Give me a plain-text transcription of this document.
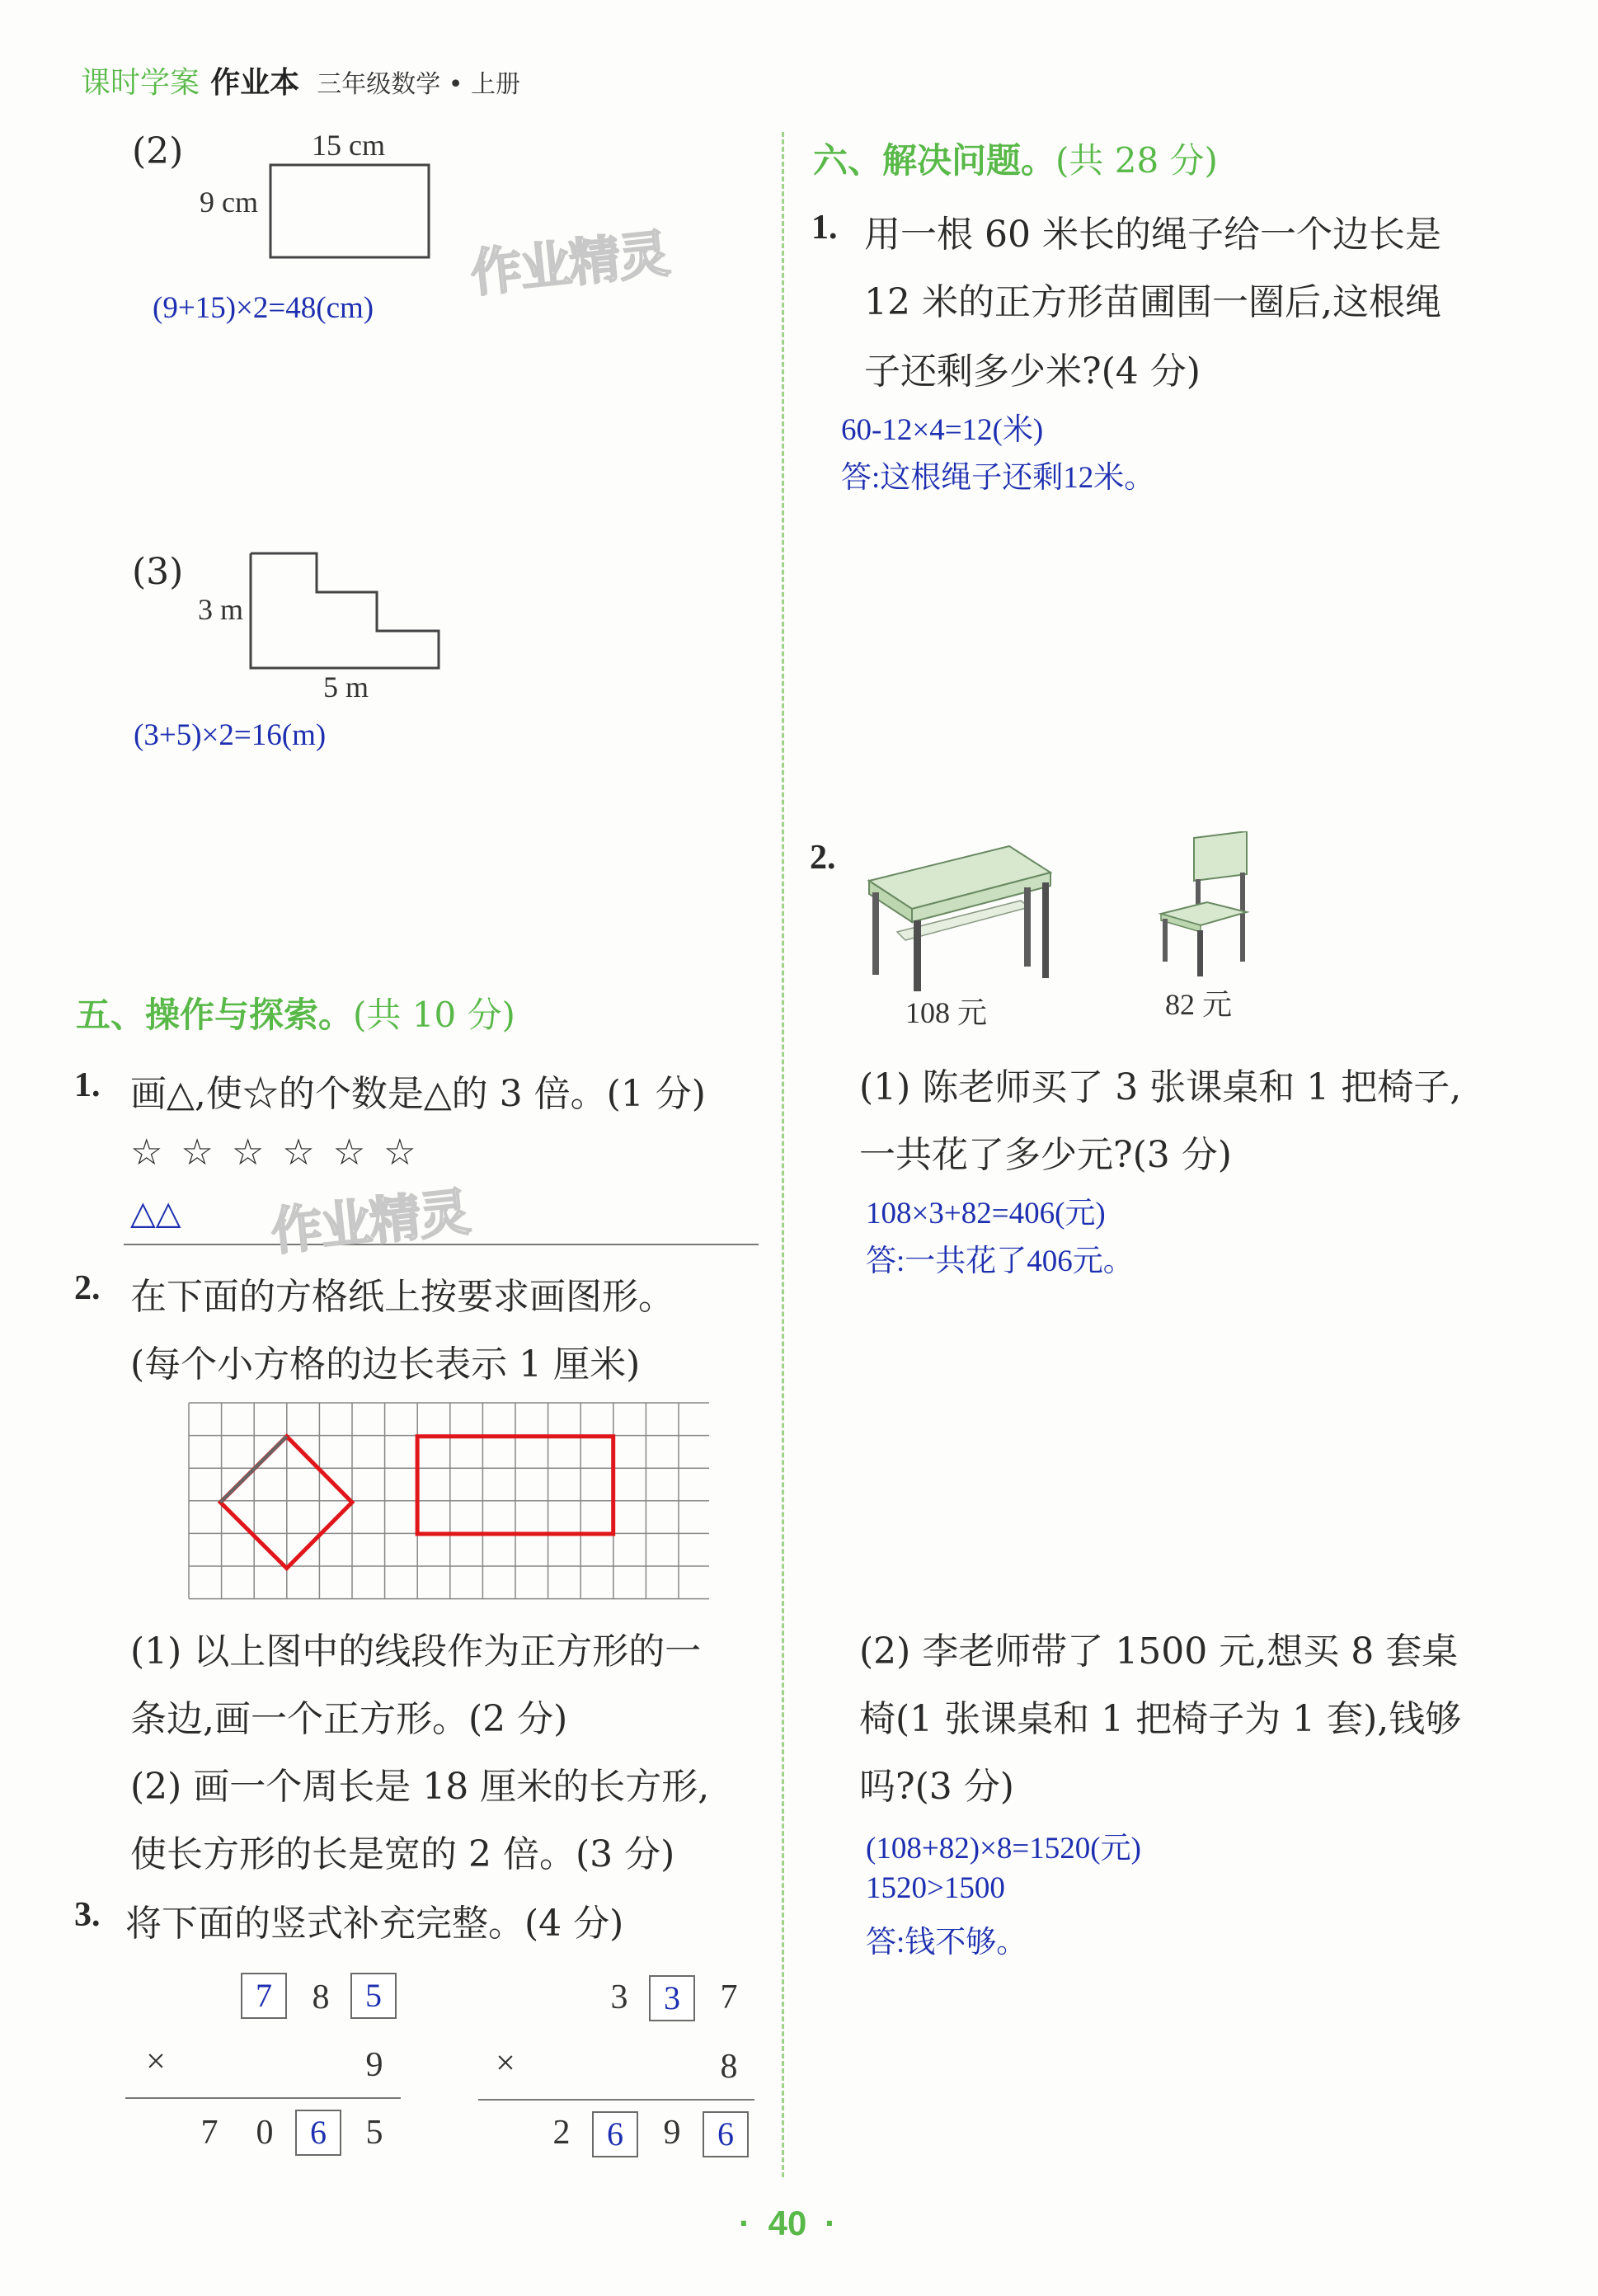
课时学案 作业本 三年级数学 • 上册
(2)	15 cm
9 cm
(9+15)×2=48(cm)
作业精灵
(3)
3 m
5 m
(3+5)×2=16(m)
五、操作与探索。(共 10 分)
1. 画△,使☆的个数是△的 3 倍。(1 分)
☆ ☆ ☆ ☆ ☆ ☆
△△ 作业精灵
2. 在下面的方格纸上按要求画图形。
(每个小方格的边长表示 1 厘米)
(1) 以上图中的线段作为正方形的一
条边,画一个正方形。(2 分)
(2) 画一个周长是 18 厘米的长方形,
使长方形的长是宽的 2 倍。(3 分)
3. 将下面的竖式补充完整。(4 分)
7	8	5
×	9
7	0	6	5
3	3	7
×	8
2	6	9	6
六、解决问题。(共 28 分)
1. 用一根 60 米长的绳子给一个边长是
12 米的正方形苗圃围一圈后,这根绳
子还剩多少米?(4 分)
60-12×4=12(米)
答:这根绳子还剩12米。
2.
108 元	82 元
(1) 陈老师买了 3 张课桌和 1 把椅子,
一共花了多少元?(3 分)
108×3+82=406(元)
答:一共花了406元。
(2) 李老师带了 1500 元,想买 8 套桌
椅(1 张课桌和 1 把椅子为 1 套),钱够
吗?(3 分)
(108+82)×8=1520(元)
1520>1500
答:钱不够。
· 40 ·
